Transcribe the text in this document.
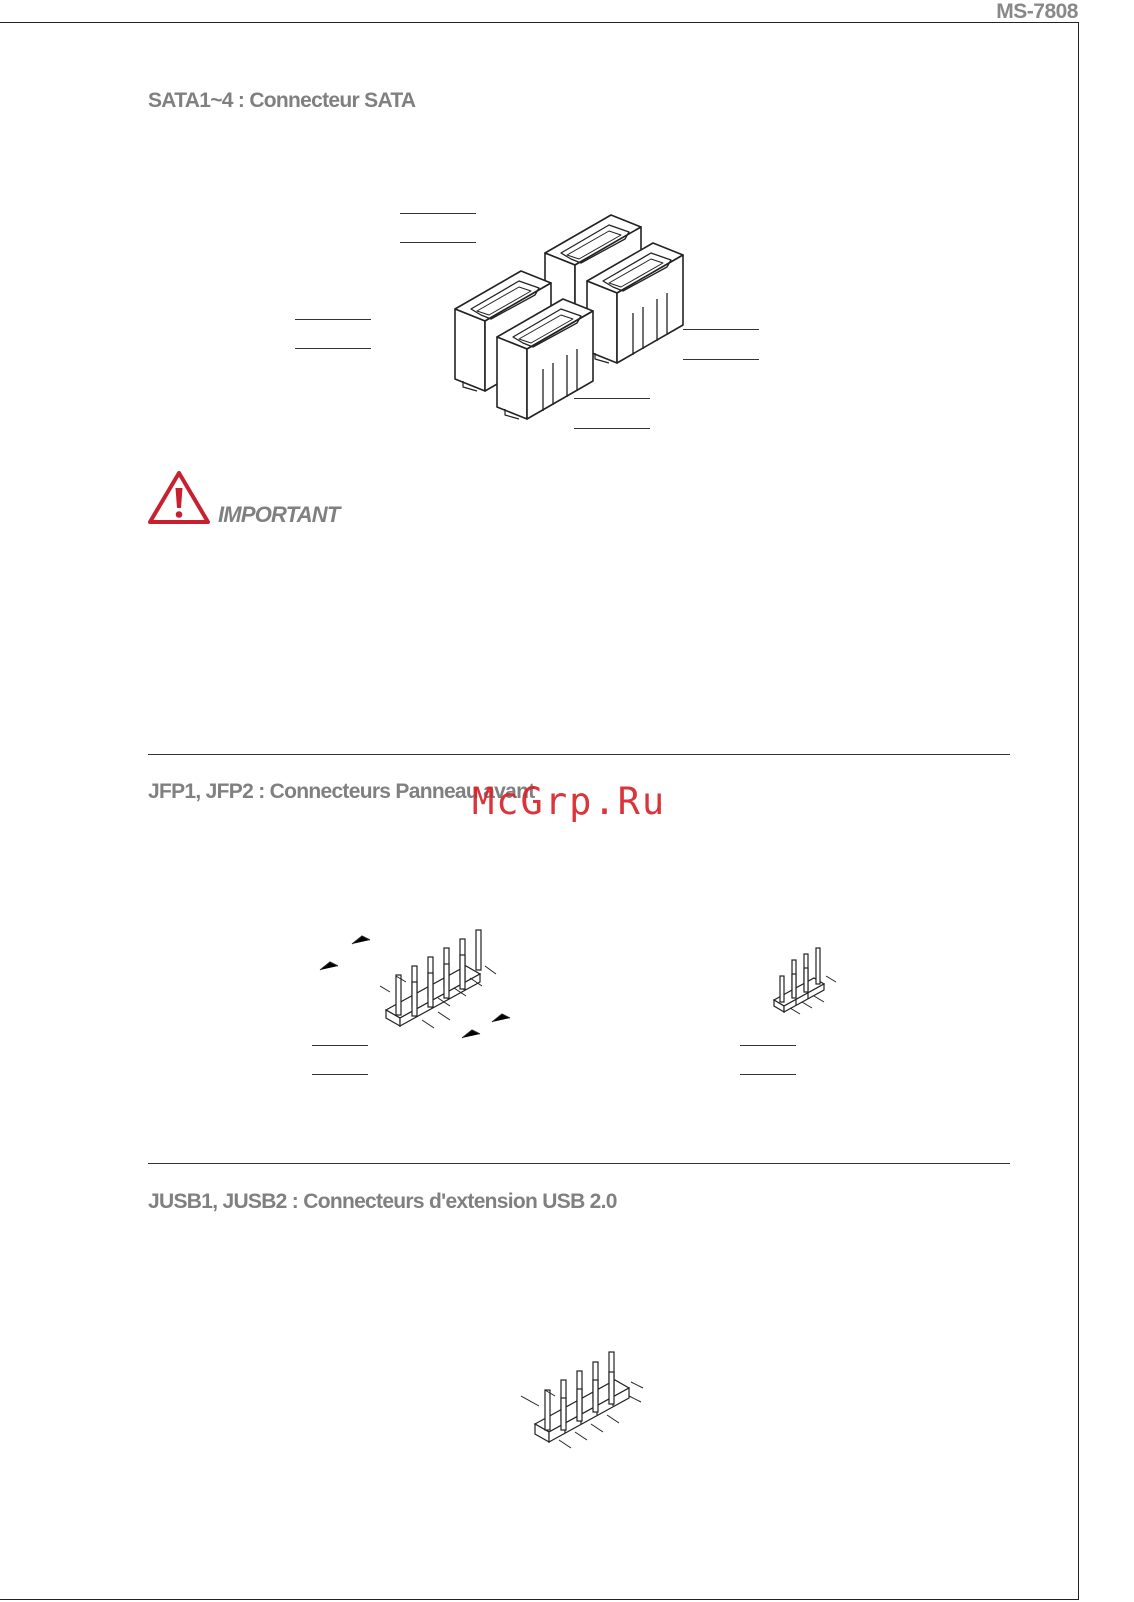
MS-7808
SATA1~4 : Connecteur SATA
IMPORTANT
JFP1, JFP2 : Connecteurs Panneau avant
McGrp.Ru
JUSB1, JUSB2 : Connecteurs d'extension USB 2.0
